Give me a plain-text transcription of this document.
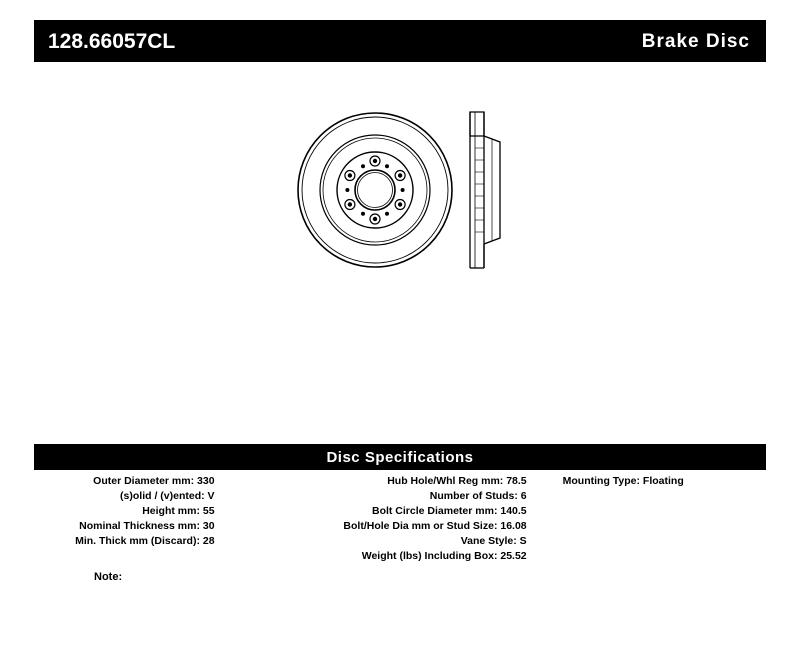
128.66057CL	Brake Disc
Disc Specifications
Outer Diameter mm: 330
(s)olid / (v)ented: V
Height mm: 55
Nominal Thickness mm: 30
Min. Thick mm (Discard): 28
Hub Hole/Whl Reg mm: 78.5
Number of Studs: 6
Bolt Circle Diameter mm: 140.5
Bolt/Hole Dia mm or Stud Size: 16.08
Vane Style: S
Weight (lbs) Including Box: 25.52
Mounting Type: Floating
Note:
